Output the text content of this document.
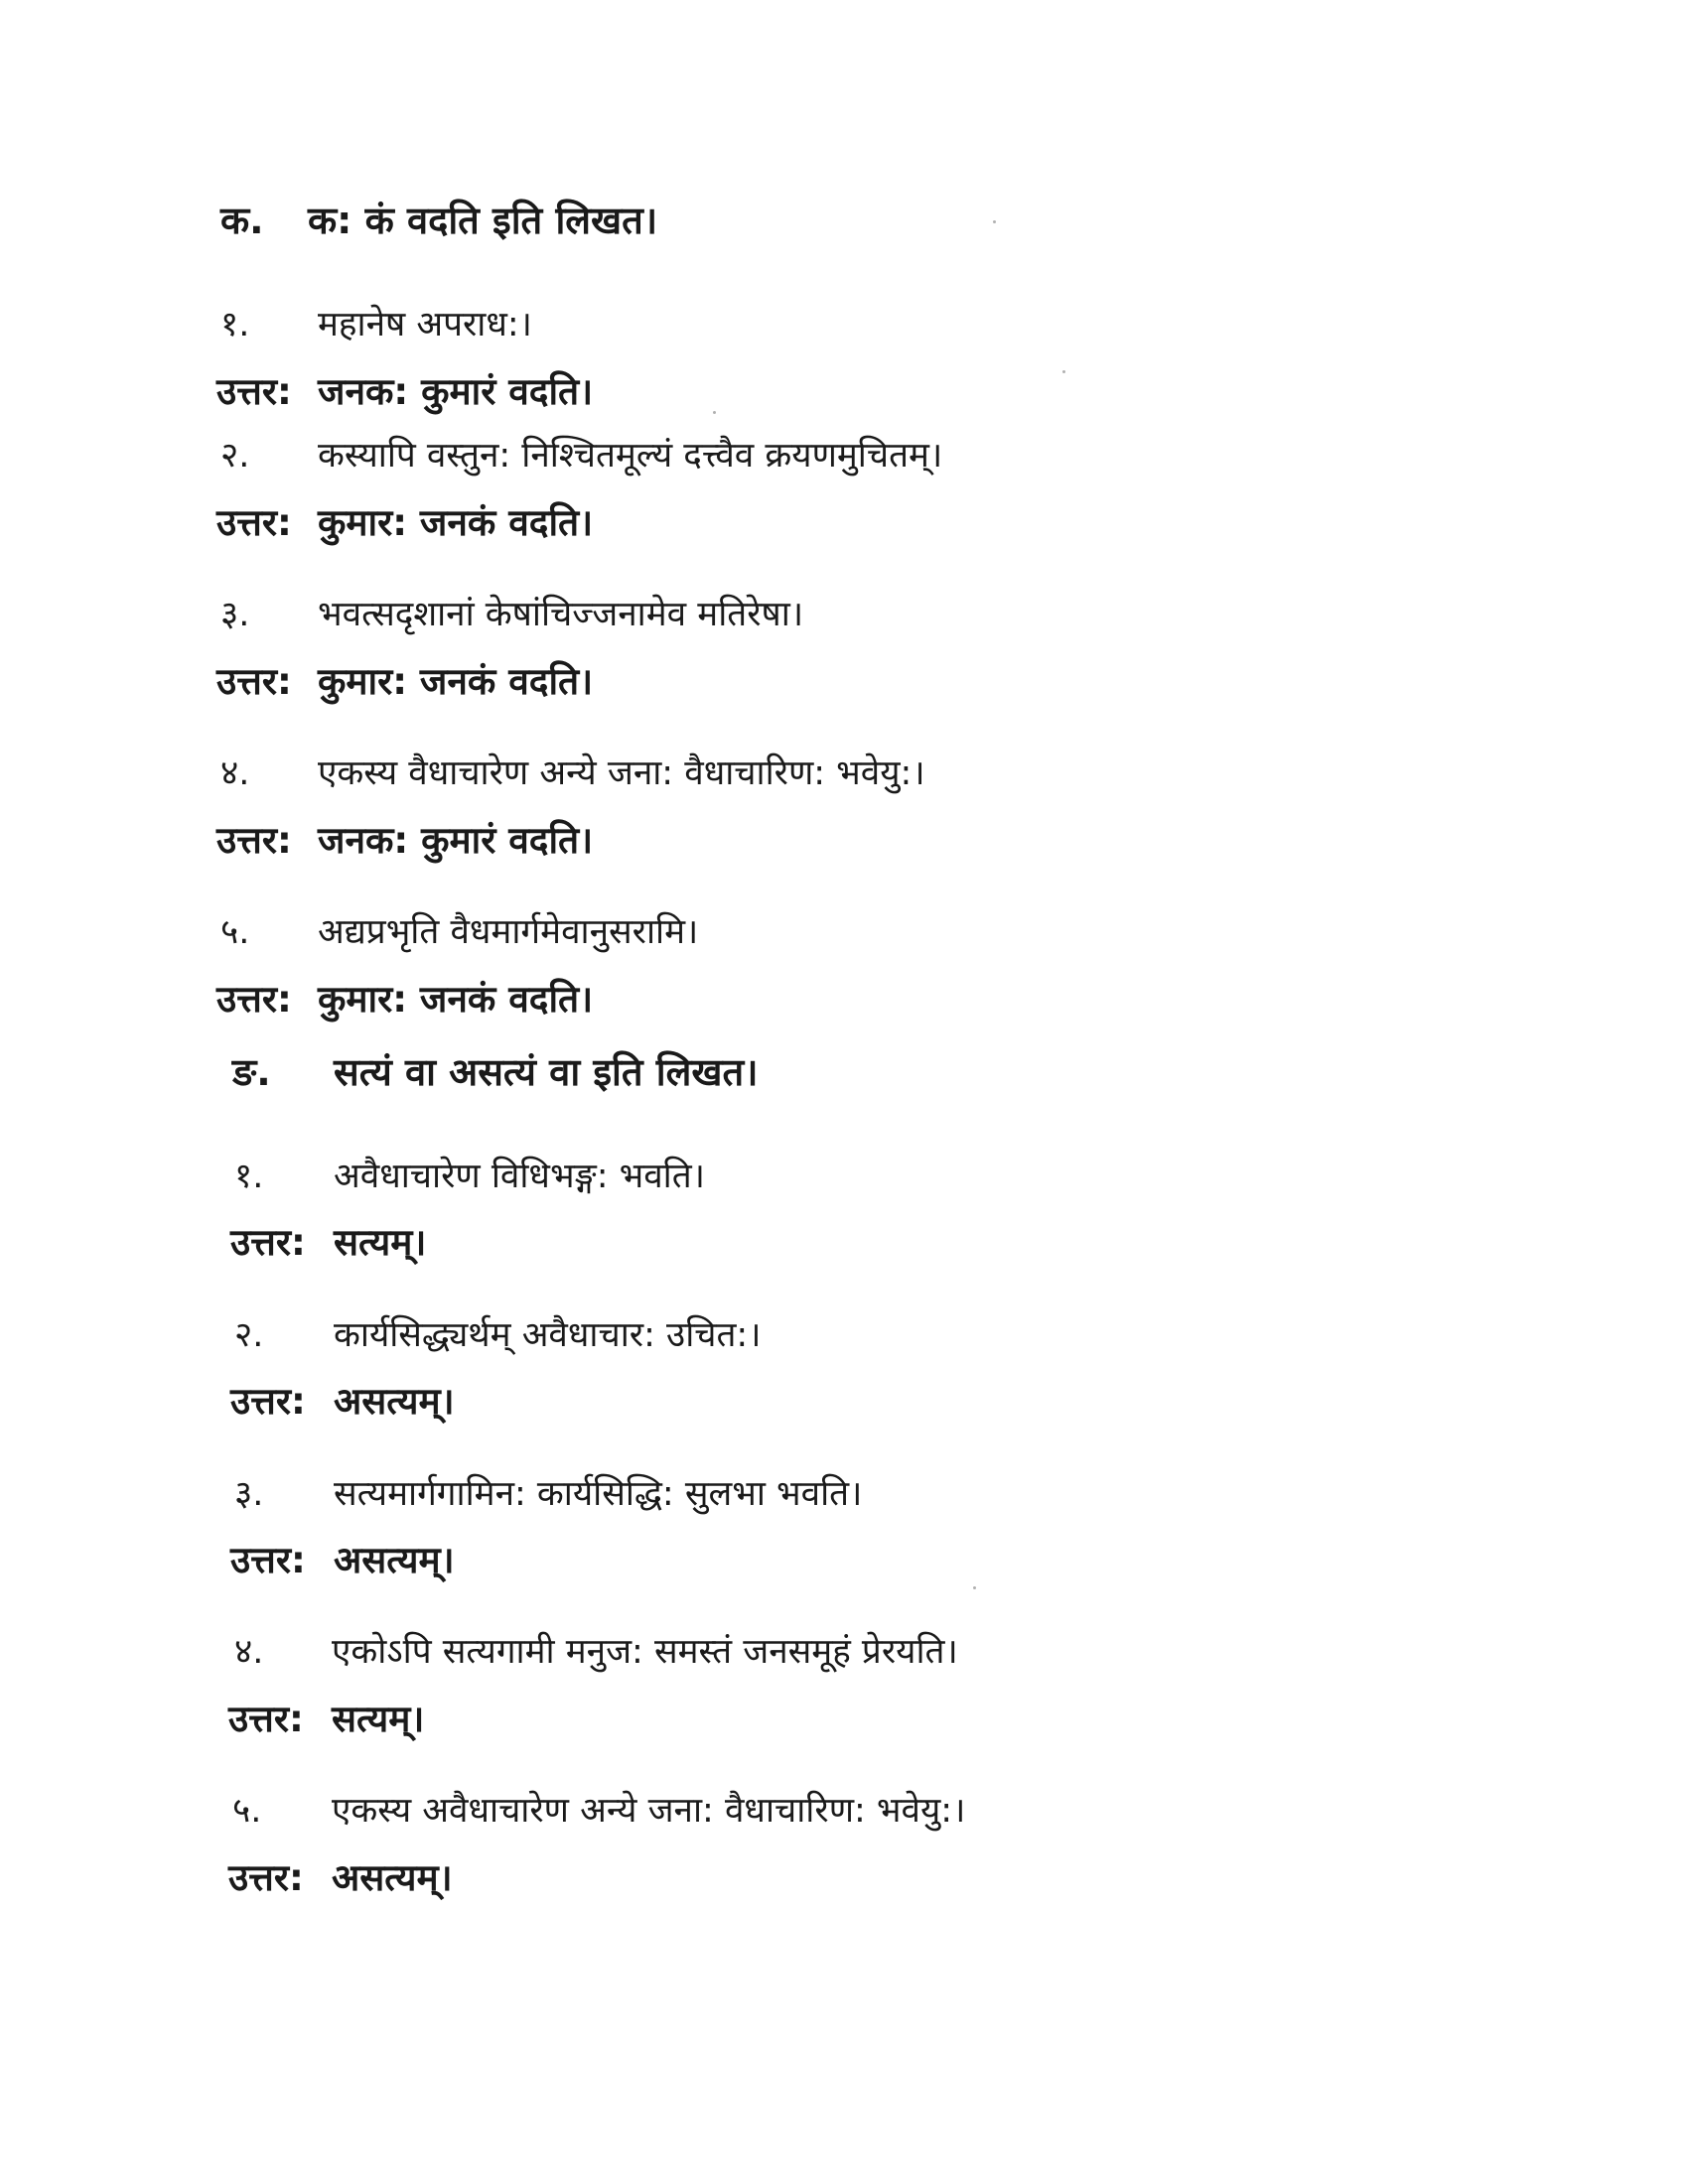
क. क: कं वदति इति लिखत।
१. महानेष अपराध:।
उत्तर: जनक: कुमारं वदति।
२. कस्यापि वस्तुन: निश्चितमूल्यं दत्त्वैव क्रयणमुचितम्।
उत्तर: कुमार: जनकं वदति।
३. भवत्सदृशानां केषांचिज्जनामेव मतिरेषा।
उत्तर: कुमार: जनकं वदति।
४. एकस्य वैधाचारेण अन्ये जना: वैधाचारिण: भवेयु:।
उत्तर: जनक: कुमारं वदति।
५. अद्यप्रभृति वैधमार्गमेवानुसरामि।
उत्तर: कुमार: जनकं वदति।
ङ. सत्यं वा असत्यं वा इति लिखत।
१. अवैधाचारेण विधिभङ्ग: भवति।
उत्तर: सत्यम्।
२. कार्यसिद्ध्यर्थम् अवैधाचार: उचित:।
उत्तर: असत्यम्।
३. सत्यमार्गगामिन: कार्यसिद्धि: सुलभा भवति।
उत्तर: असत्यम्।
४. एकोऽपि सत्यगामी मनुज: समस्तं जनसमूहं प्रेरयति।
उत्तर: सत्यम्।
५. एकस्य अवैधाचारेण अन्ये जना: वैधाचारिण: भवेयु:।
उत्तर: असत्यम्।
